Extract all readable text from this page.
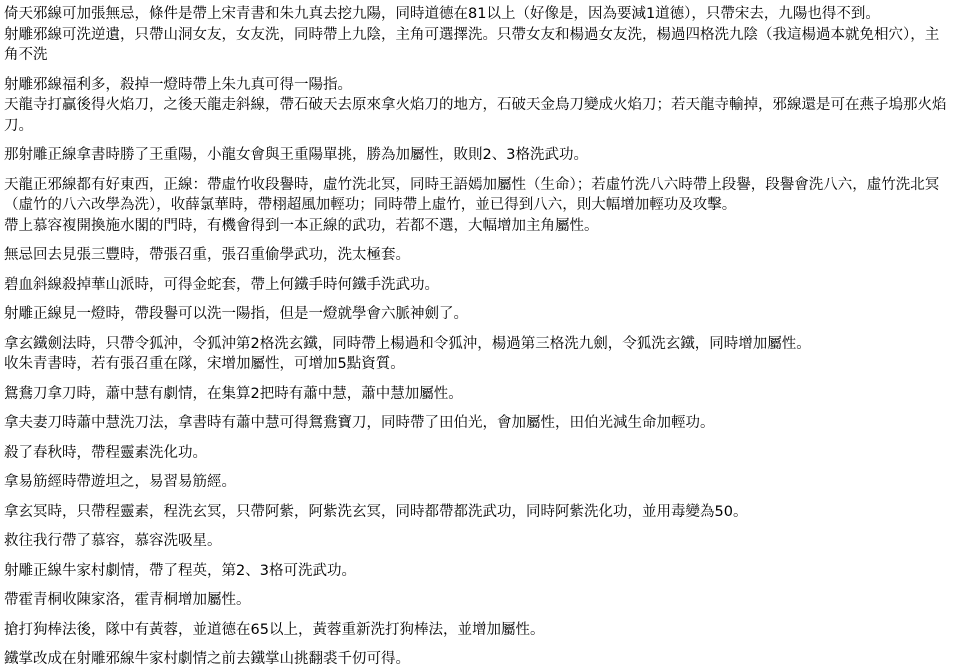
倚天邪線可加張無忌，條件是帶上宋青書和朱九真去挖九陽，同時道德在81以上（好像是，因為要減1道德），只帶宋去，九陽也得不到。

射雕邪線可洗逆遺，只帶山洞女友，女友洗，同時帶上九陰，主角可選擇洗。只帶女友和楊過女友洗，楊過四格洗九陰（我這楊過本就免相穴），主角不洗

射雕邪線福利多，殺掉一燈時帶上朱九真可得一陽指。

天龍寺打贏後得火焰刀，之後天龍走斜線，帶石破天去原來拿火焰刀的地方，石破天金鳥刀變成火焰刀；若天龍寺輸掉，邪線還是可在燕子塢那火焰刀。

那射雕正線拿書時勝了王重陽，小龍女會與王重陽單挑，勝為加屬性，敗則2、3格洗武功。

天龍正邪線都有好東西，正線：帶虛竹收段譽時，虛竹洗北冥，同時王語嫣加屬性（生命）；若虛竹洗八六時帶上段譽，段譽會洗八六，虛竹洗北冥（虛竹的八六改學為洗），收薛氯華時，帶栩超風加輕功；同時帶上虛竹，並已得到八六，則大幅增加輕功及攻擊。

帶上慕容複開換施水閣的門時，有機會得到一本正線的武功，若都不選，大幅增加主角屬性。

無忌回去見張三豐時，帶張召重，張召重偷學武功，洗太極套。

碧血斜線殺掉華山派時，可得金蛇套，帶上何鐵手時何鐵手洗武功。

射雕正線見一燈時，帶段譽可以洗一陽指，但是一燈就學會六脈神劍了。

拿玄鐵劍法時，只帶令狐沖，令狐沖第2格洗玄鐵，同時帶上楊過和令狐沖，楊過第三格洗九劍，令狐洗玄鐵，同時增加屬性。

收朱青書時，若有張召重在隊，宋增加屬性，可增加5點資質。

鴛鴦刀拿刀時，蕭中慧有劇情，在集算2把時有蕭中慧，蕭中慧加屬性。

拿夫妻刀時蕭中慧洗刀法，拿書時有蕭中慧可得鴛鴦寶刀，同時帶了田伯光，會加屬性，田伯光減生命加輕功。

殺了春秋時，帶程靈素洗化功。

拿易筋經時帶遊坦之，易習易筋經。

拿玄冥時，只帶程靈素，程洗玄冥，只帶阿紫，阿紫洗玄冥，同時都帶都洗武功，同時阿紫洗化功，並用毒變為50。

救往我行帶了慕容，慕容洗吸星。

射雕正線牛家村劇情，帶了程英，第2、3格可洗武功。

帶霍青桐收陳家洛，霍青桐增加屬性。

搶打狗棒法後，隊中有黃蓉，並道德在65以上，黃蓉重新洗打狗棒法，並增加屬性。

鐵掌改成在射雕邪線牛家村劇情之前去鐵掌山挑翻裘千仞可得。
